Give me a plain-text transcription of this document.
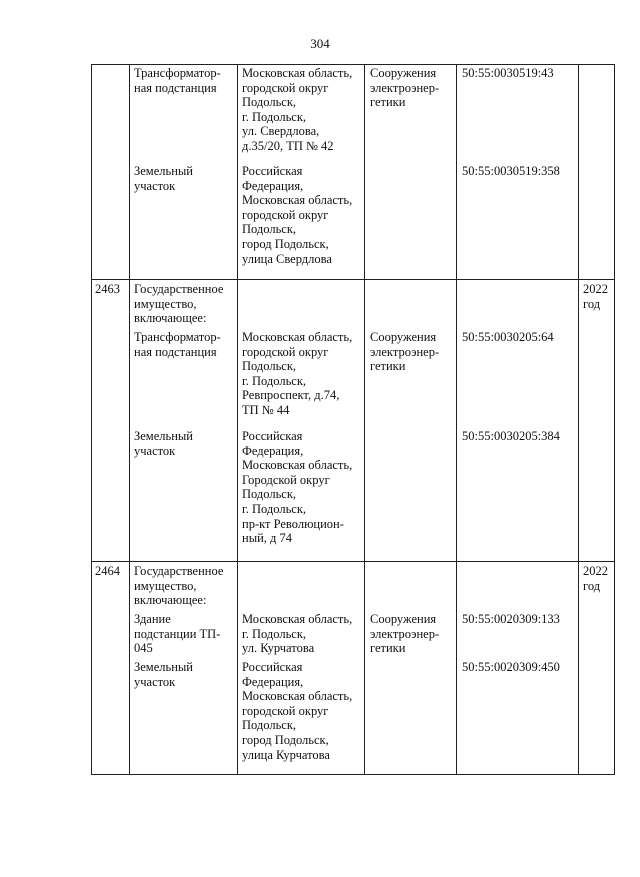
304
Трансформатор-
ная подстанция
Московская область,
городской округ
Подольск,
г. Подольск,
ул. Свердлова,
д.35/20, ТП № 42
Сооружения
электроэнер-
гетики
50:55:0030519:43
Земельный
участок
Российская
Федерация,
Московская область,
городской округ
Подольск,
город Подольск,
улица Свердлова
50:55:0030519:358
2463 Государственное
имущество,
включающее:
2022
год
Трансформатор-
ная подстанция
Московская область,
городской округ
Подольск,
г. Подольск,
Ревпроспект, д.74,
ТП № 44
Сооружения
электроэнер-
гетики
50:55:0030205:64
Земельный
участок
Российская
Федерация,
Московская область,
Городской округ
Подольск,
г. Подольск,
пр-кт Революцион-
ный, д 74
50:55:0030205:384
2464 Государственное
имущество,
включающее:
2022
год
Здание
подстанции ТП-
045
Московская область,
г. Подольск,
ул. Курчатова
Сооружения
электроэнер-
гетики
50:55:0020309:133
Земельный
участок
Российская
Федерация,
Московская область,
городской округ
Подольск,
город Подольск,
улица Курчатова
50:55:0020309:450
